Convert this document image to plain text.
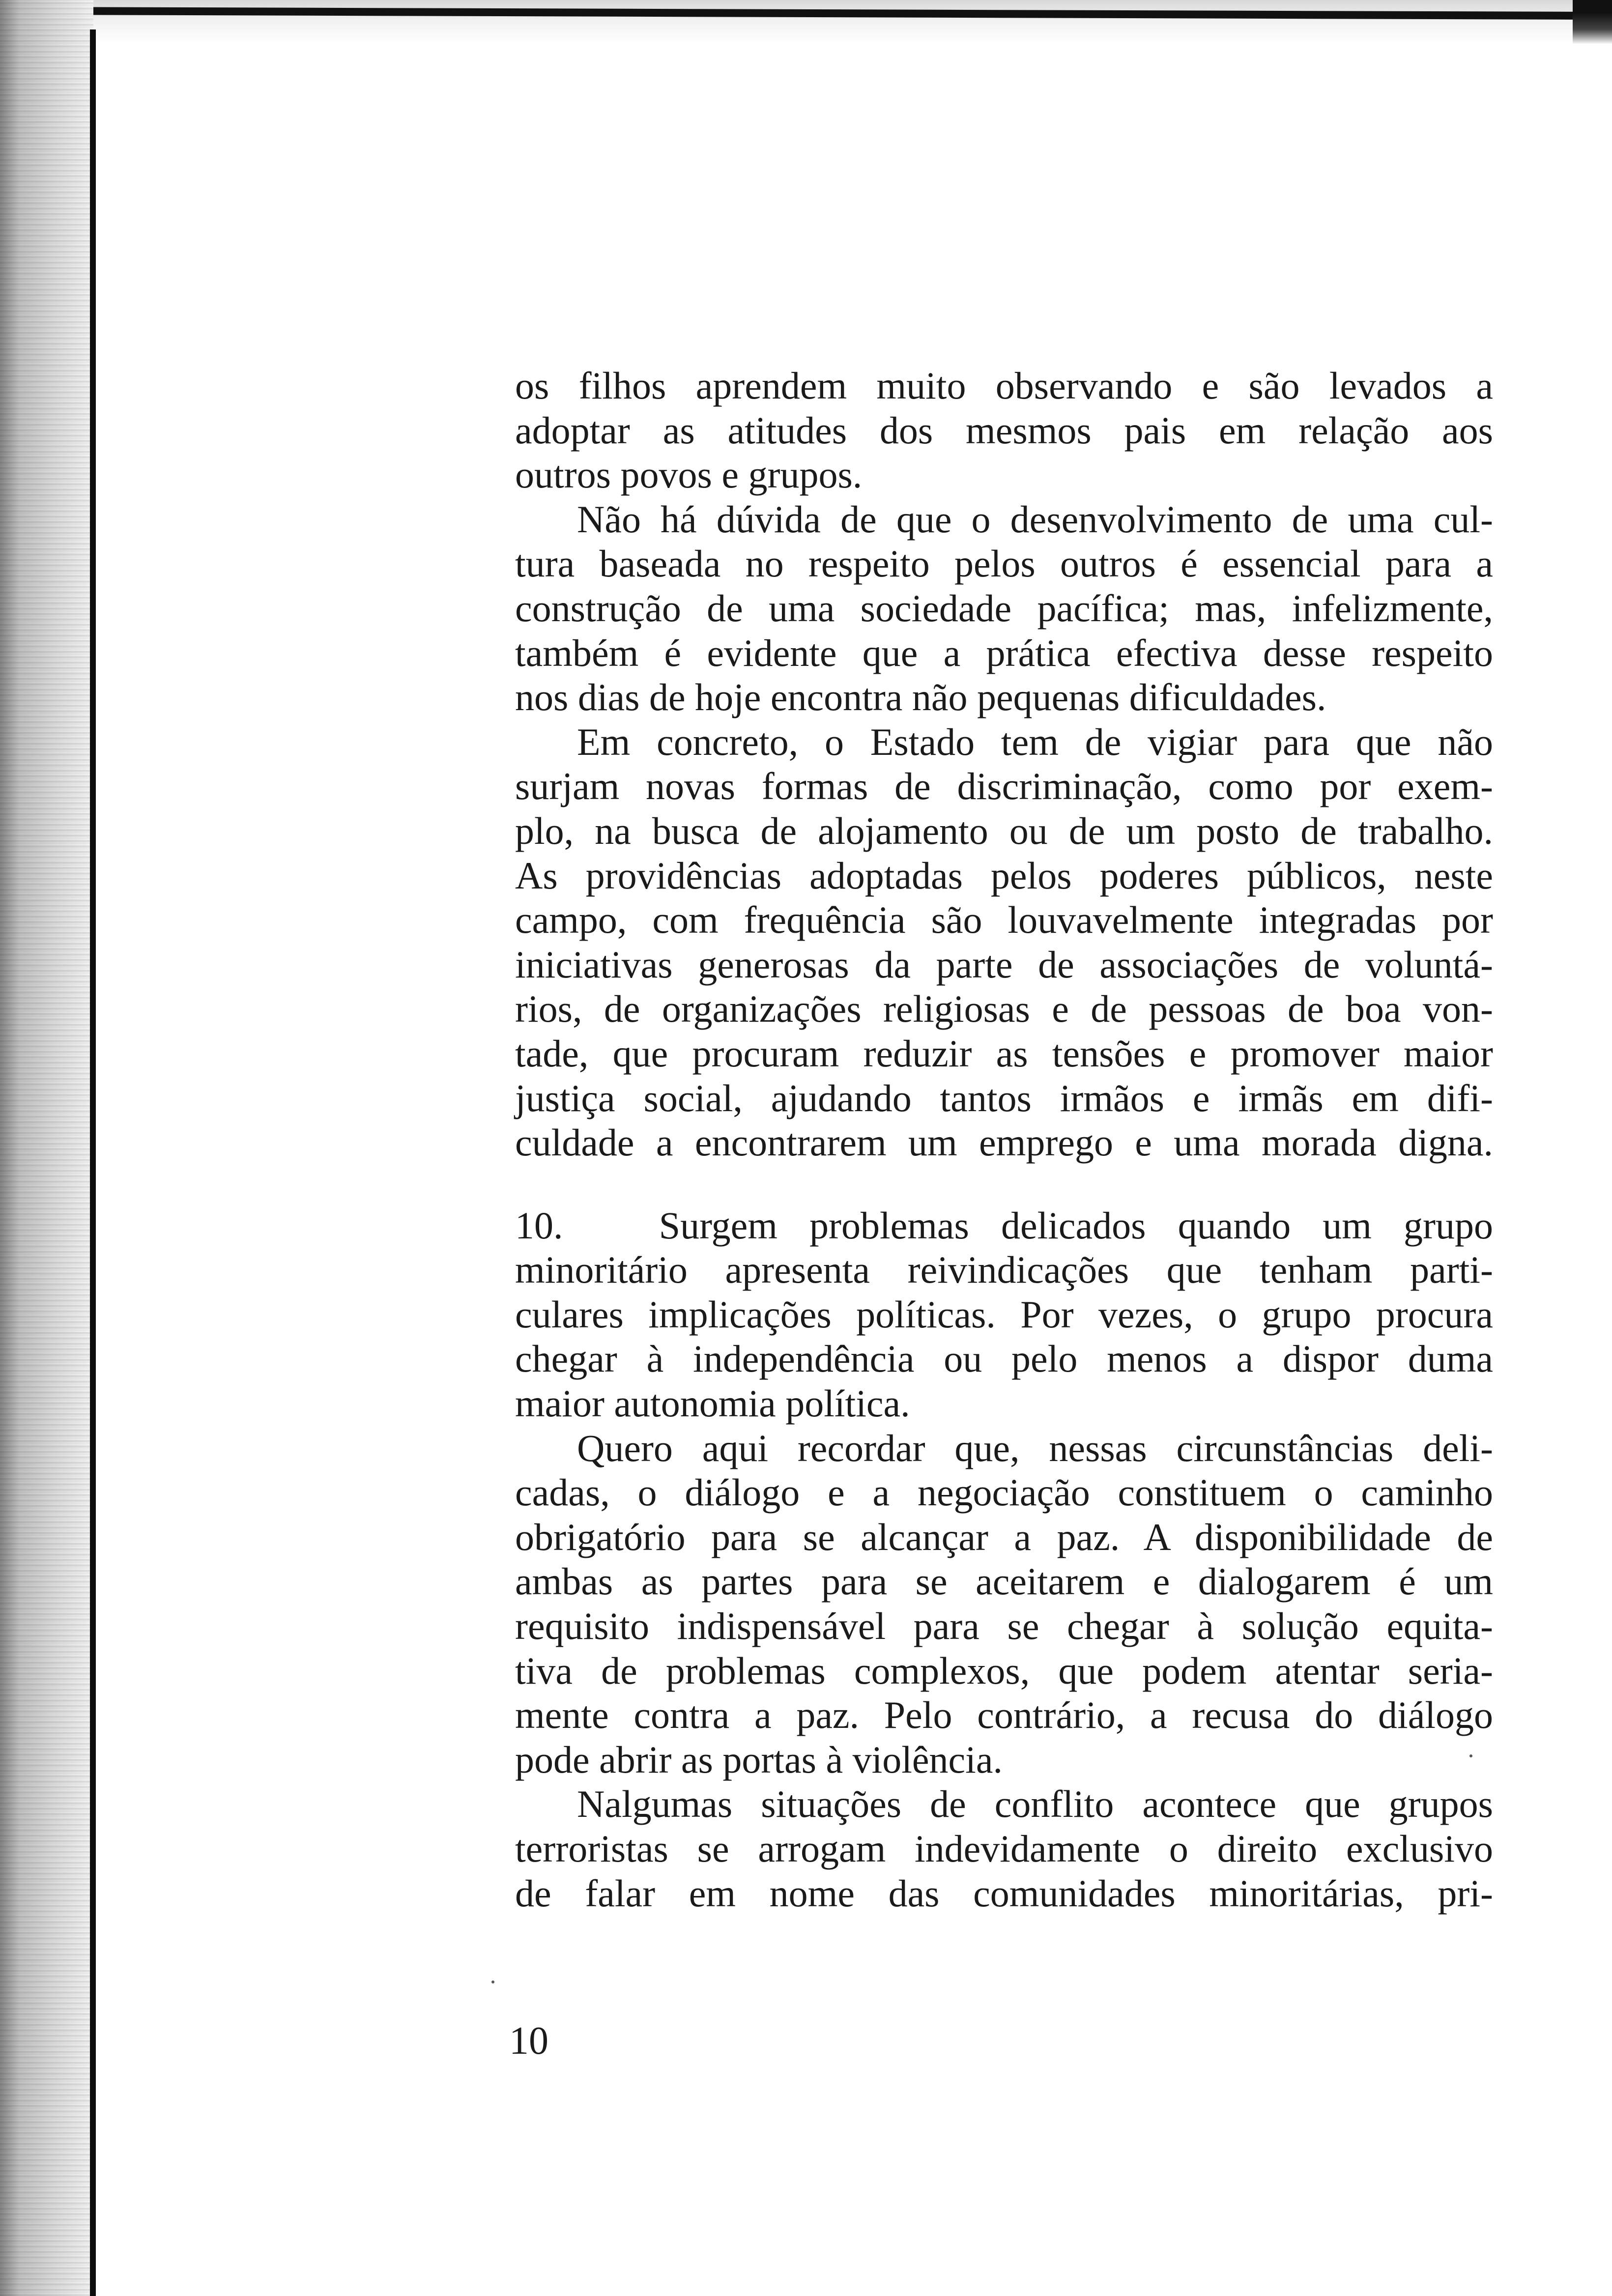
os filhos aprendem muito observando e são levados a
adoptar as atitudes dos mesmos pais em relação aos
outros povos e grupos.
Não há dúvida de que o desenvolvimento de uma cul-
tura baseada no respeito pelos outros é essencial para a
construção de uma sociedade pacífica; mas, infelizmente,
também é evidente que a prática efectiva desse respeito
nos dias de hoje encontra não pequenas dificuldades.
Em concreto, o Estado tem de vigiar para que não
surjam novas formas de discriminação, como por exem-
plo, na busca de alojamento ou de um posto de trabalho.
As providências adoptadas pelos poderes públicos, neste
campo, com frequência são louvavelmente integradas por
iniciativas generosas da parte de associações de voluntá-
rios, de organizações religiosas e de pessoas de boa von-
tade, que procuram reduzir as tensões e promover maior
justiça social, ajudando tantos irmãos e irmãs em difi-
culdade a encontrarem um emprego e uma morada digna.
10.   Surgem problemas delicados quando um grupo
minoritário apresenta reivindicações que tenham parti-
culares implicações políticas. Por vezes, o grupo procura
chegar à independência ou pelo menos a dispor duma
maior autonomia política.
Quero aqui recordar que, nessas circunstâncias deli-
cadas, o diálogo e a negociação constituem o caminho
obrigatório para se alcançar a paz. A disponibilidade de
ambas as partes para se aceitarem e dialogarem é um
requisito indispensável para se chegar à solução equita-
tiva de problemas complexos, que podem atentar seria-
mente contra a paz. Pelo contrário, a recusa do diálogo
pode abrir as portas à violência.
Nalgumas situações de conflito acontece que grupos
terroristas se arrogam indevidamente o direito exclusivo
de falar em nome das comunidades minoritárias, pri-
10
